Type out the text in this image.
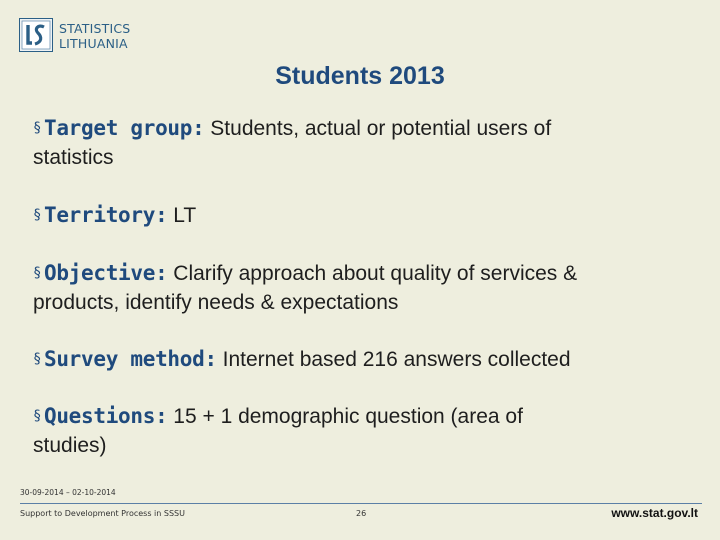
STATISTICS
LITHUANIA
Students 2013
§ Target group: Students, actual or potential users of
statistics
§ Territory: LT
§ Objective: Clarify approach about quality of services &
products, identify needs & expectations
§ Survey method: Internet based 216 answers collected
§ Questions: 15 + 1 demographic question (area of
studies)
30-09-2014 – 02-10-2014
Support to Development Process in SSSU	26	www.stat.gov.lt
